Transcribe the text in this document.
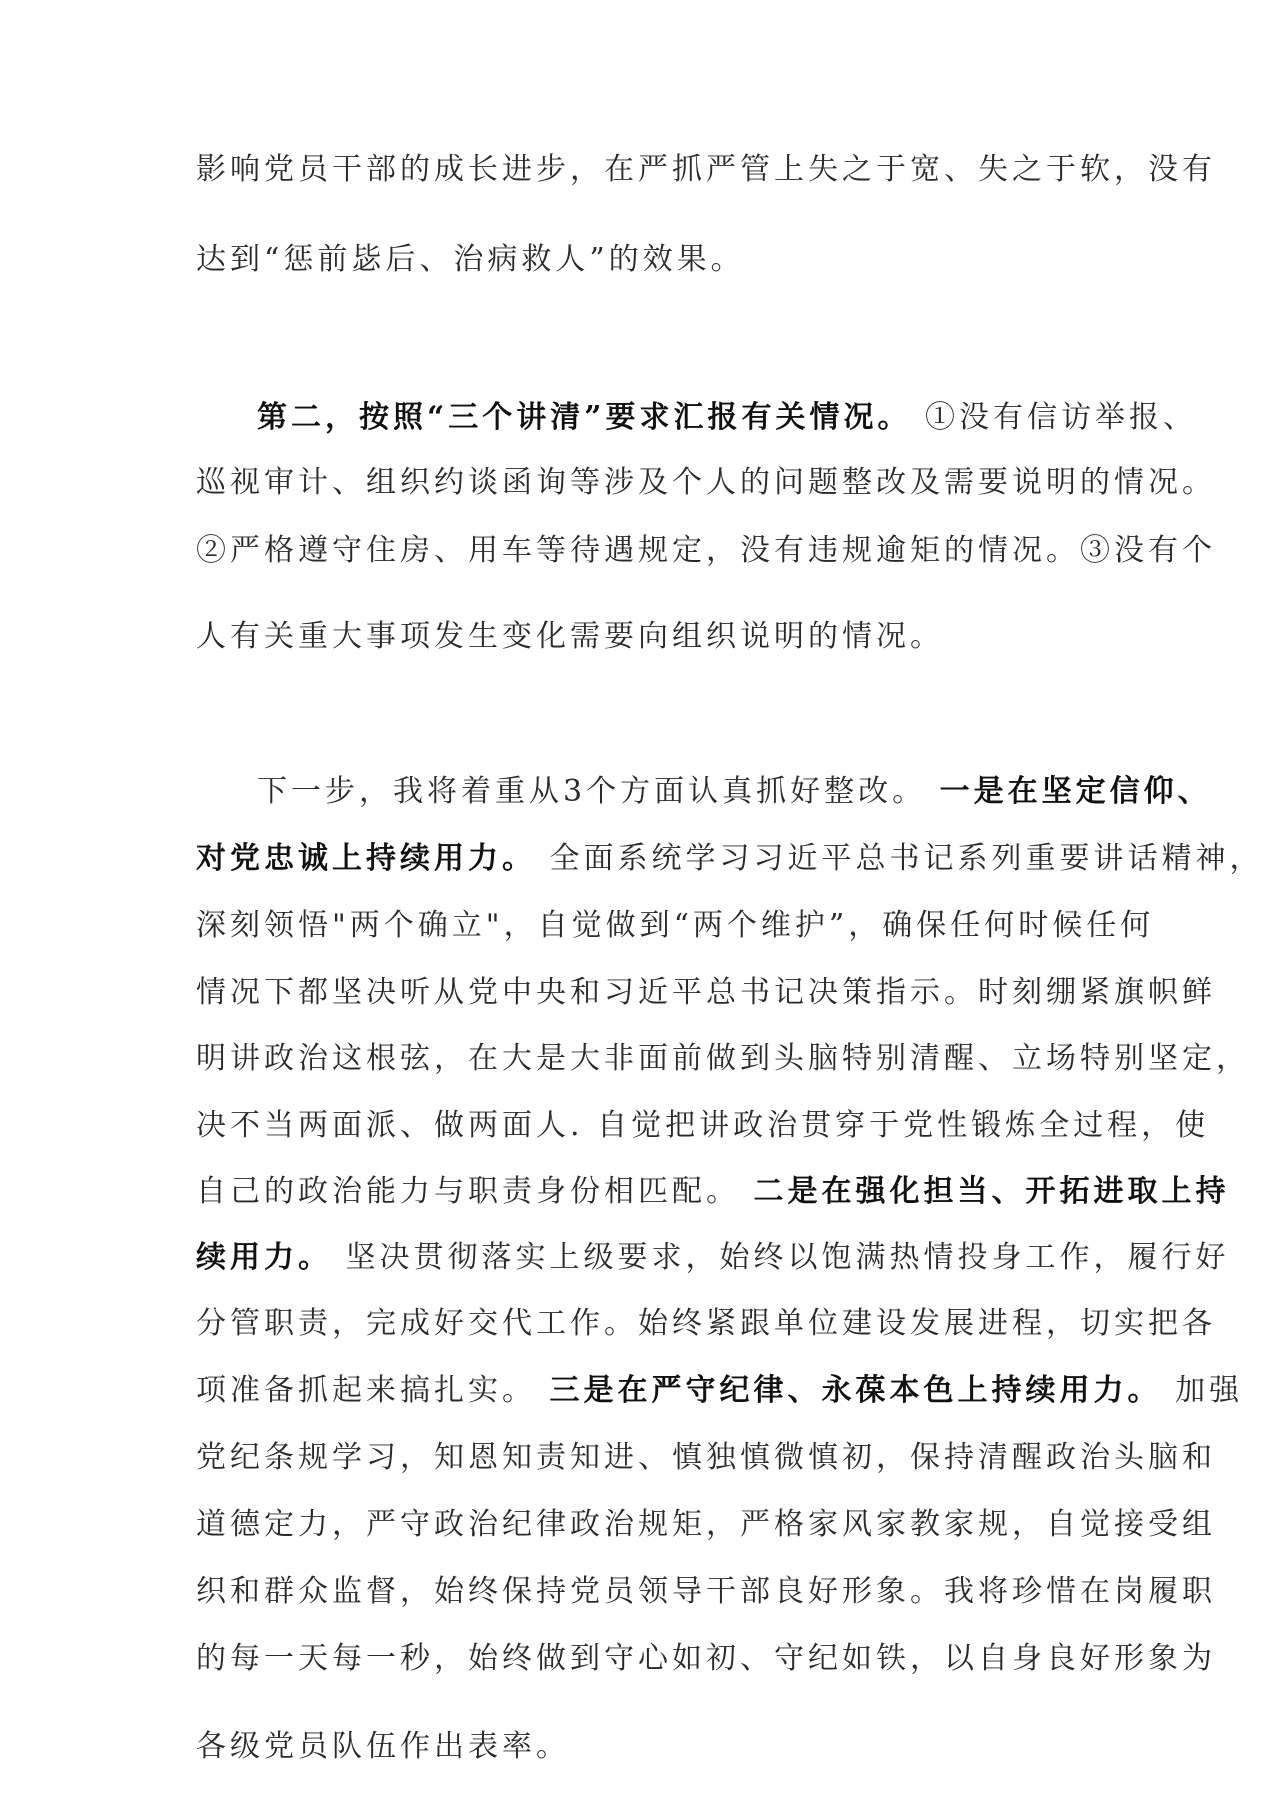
影响党员干部的成长进步，在严抓严管上失之于宽、失之于软，没有
达到“惩前毖后、治病救人”的效果。
第二，按照“三个讲清”要求汇报有关情况。 ①没有信访举报、
巡视审计、组织约谈函询等涉及个人的问题整改及需要说明的情况。
②严格遵守住房、用车等待遇规定，没有违规逾矩的情况。③没有个
人有关重大事项发生变化需要向组织说明的情况。
下一步，我将着重从3个方面认真抓好整改。 一是在坚定信仰、
对党忠诚上持续用力。 全面系统学习习近平总书记系列重要讲话精神，
深刻领悟"两个确立"，自觉做到“两个维护”，确保任何时候任何
情况下都坚决听从党中央和习近平总书记决策指示。时刻绷紧旗帜鲜
明讲政治这根弦，在大是大非面前做到头脑特别清醒、立场特别坚定，
决不当两面派、做两面人. 自觉把讲政治贯穿于党性锻炼全过程，使
自己的政治能力与职责身份相匹配。 二是在强化担当、开拓进取上持
续用力。 坚决贯彻落实上级要求，始终以饱满热情投身工作，履行好
分管职责，完成好交代工作。始终紧跟单位建设发展进程，切实把各
项准备抓起来搞扎实。 三是在严守纪律、永葆本色上持续用力。 加强
党纪条规学习，知恩知责知进、慎独慎微慎初，保持清醒政治头脑和
道德定力，严守政治纪律政治规矩，严格家风家教家规，自觉接受组
织和群众监督，始终保持党员领导干部良好形象。我将珍惜在岗履职
的每一天每一秒，始终做到守心如初、守纪如铁，以自身良好形象为
各级党员队伍作出表率。
